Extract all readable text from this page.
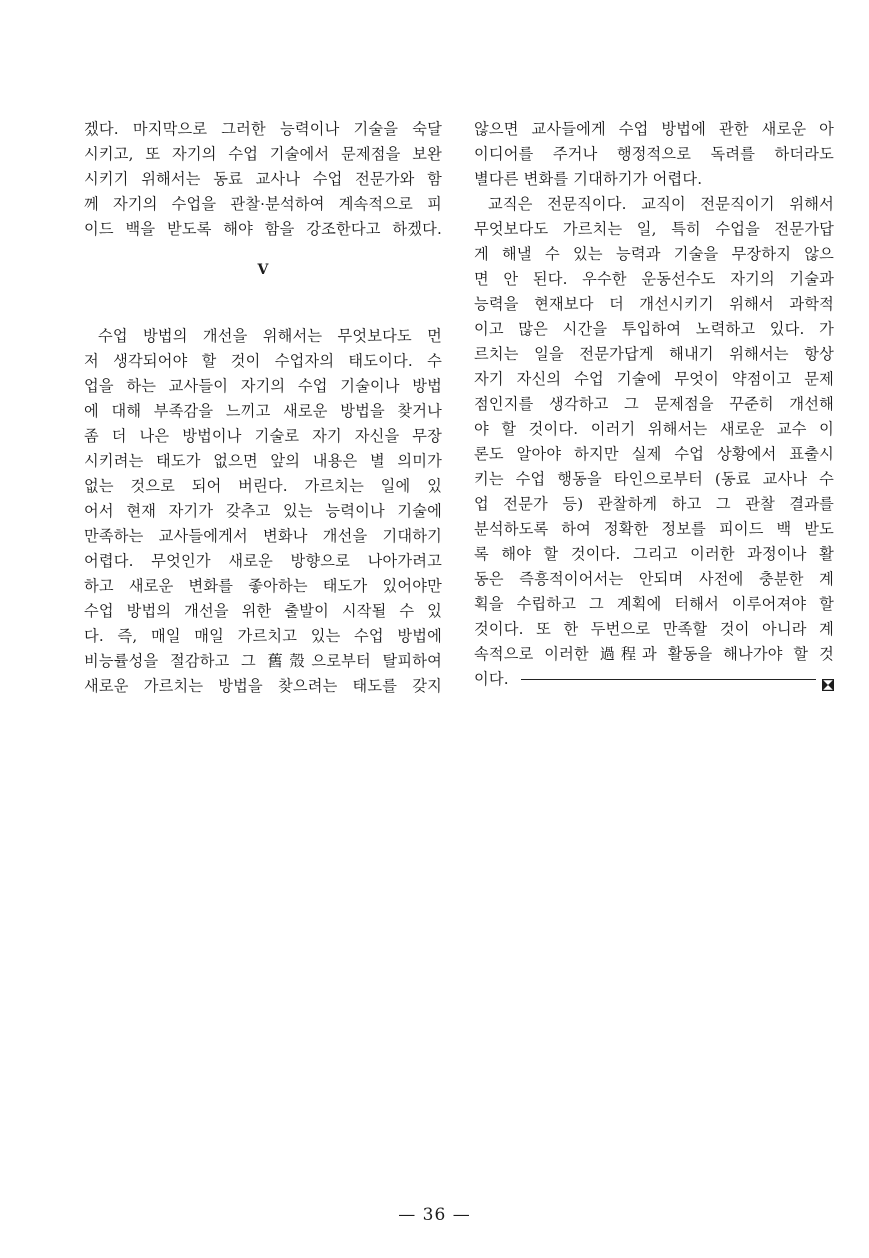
겠다. 마지막으로 그러한 능력이나 기술을 숙달
시키고, 또 자기의 수업 기술에서 문제점을 보완
시키기 위해서는 동료 교사나 수업 전문가와 함
께 자기의 수업을 관찰·분석하여 계속적으로 피
이드 백을 받도록 해야 함을 강조한다고 하겠다.
V
수업 방법의 개선을 위해서는 무엇보다도 먼
저 생각되어야 할 것이 수업자의 태도이다. 수
업을 하는 교사들이 자기의 수업 기술이나 방법
에 대해 부족감을 느끼고 새로운 방법을 찾거나
좀 더 나은 방법이나 기술로 자기 자신을 무장
시키려는 태도가 없으면 앞의 내용은 별 의미가
없는 것으로 되어 버린다. 가르치는 일에 있
어서 현재 자기가 갖추고 있는 능력이나 기술에
만족하는 교사들에게서 변화나 개선을 기대하기
어렵다. 무엇인가 새로운 방향으로 나아가려고
하고 새로운 변화를 좋아하는 태도가 있어야만
수업 방법의 개선을 위한 출발이 시작될 수 있
다. 즉, 매일 매일 가르치고 있는 수업 방법에
비능률성을 절감하고 그 舊殼으로부터 탈피하여
새로운 가르치는 방법을 찾으려는 태도를 갖지
않으면 교사들에게 수업 방법에 관한 새로운 아
이디어를 주거나 행정적으로 독려를 하더라도
별다른 변화를 기대하기가 어렵다.
교직은 전문직이다. 교직이 전문직이기 위해서
무엇보다도 가르치는 일, 특히 수업을 전문가답
게 해낼 수 있는 능력과 기술을 무장하지 않으
면 안 된다. 우수한 운동선수도 자기의 기술과
능력을 현재보다 더 개선시키기 위해서 과학적
이고 많은 시간을 투입하여 노력하고 있다. 가
르치는 일을 전문가답게 해내기 위해서는 항상
자기 자신의 수업 기술에 무엇이 약점이고 문제
점인지를 생각하고 그 문제점을 꾸준히 개선해
야 할 것이다. 이러기 위해서는 새로운 교수 이
론도 알아야 하지만 실제 수업 상황에서 표출시
키는 수업 행동을 타인으로부터 (동료 교사나 수
업 전문가 등) 관찰하게 하고 그 관찰 결과를
분석하도록 하여 정확한 정보를 피이드 백 받도
록 해야 할 것이다. 그리고 이러한 과정이나 활
동은 즉흥적이어서는 안되며 사전에 충분한 계
획을 수립하고 그 계획에 터해서 이루어져야 할
것이다. 또 한 두번으로 만족할 것이 아니라 계
속적으로 이러한 過程과 활동을 해나가야 할 것
이다.
— 36 —
